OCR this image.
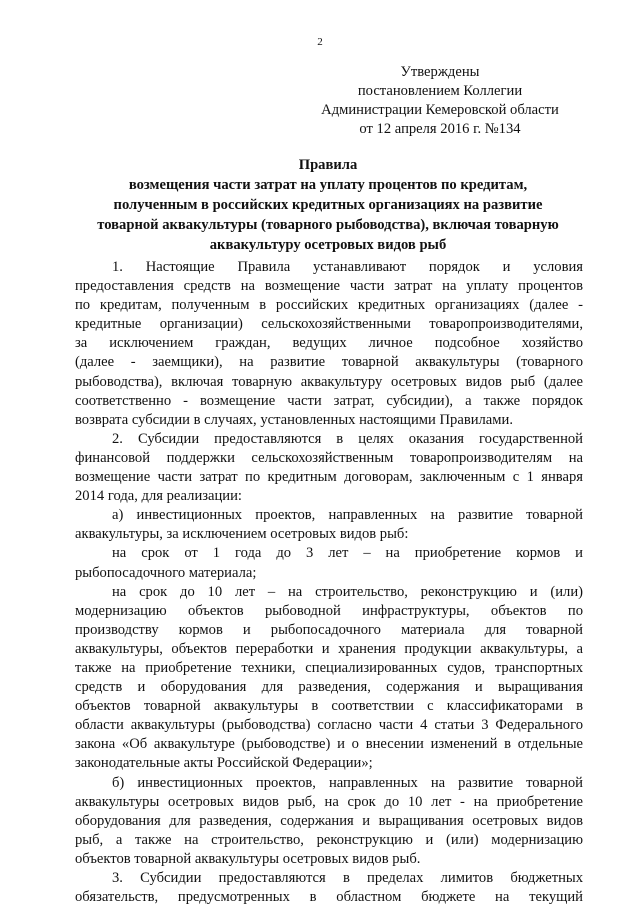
2
Утверждены
постановлением Коллегии
Администрации Кемеровской области
от 12 апреля 2016 г. №134
Правила
возмещения части затрат на уплату процентов по кредитам,
полученным в российских кредитных организациях на развитие
товарной аквакультуры (товарного рыбоводства), включая товарную
аквакультуру осетровых видов рыб
1. Настоящие Правила устанавливают порядок и условия
предоставления средств на возмещение части затрат на уплату процентов
по кредитам, полученным в российских кредитных организациях (далее -
кредитные организации) сельскохозяйственными товаропроизводителями,
за исключением граждан, ведущих личное подсобное хозяйство
(далее - заемщики), на развитие товарной аквакультуры (товарного
рыбоводства), включая товарную аквакультуру осетровых видов рыб (далее
соответственно - возмещение части затрат, субсидии), а также порядок
возврата субсидии в случаях, установленных настоящими Правилами.
2. Субсидии предоставляются в целях оказания государственной
финансовой поддержки сельскохозяйственным товаропроизводителям на
возмещение части затрат по кредитным договорам, заключенным с 1 января
2014 года, для реализации:
а) инвестиционных проектов, направленных на развитие товарной
аквакультуры, за исключением осетровых видов рыб:
на срок от 1 года до 3 лет – на приобретение кормов и
рыбопосадочного материала;
на срок до 10 лет – на строительство, реконструкцию и (или)
модернизацию объектов рыбоводной инфраструктуры, объектов по
производству кормов и рыбопосадочного материала для товарной
аквакультуры, объектов переработки и хранения продукции аквакультуры, а
также на приобретение техники, специализированных судов, транспортных
средств и оборудования для разведения, содержания и выращивания
объектов товарной аквакультуры в соответствии с классификаторами в
области аквакультуры (рыбоводства) согласно части 4 статьи 3 Федерального
закона «Об аквакультуре (рыбоводстве) и о внесении изменений в отдельные
законодательные акты Российской Федерации»;
б) инвестиционных проектов, направленных на развитие товарной
аквакультуры осетровых видов рыб, на срок до 10 лет - на приобретение
оборудования для разведения, содержания и выращивания осетровых видов
рыб, а также на строительство, реконструкцию и (или) модернизацию
объектов товарной аквакультуры осетровых видов рыб.
3. Субсидии предоставляются в пределах лимитов бюджетных
обязательств, предусмотренных в областном бюджете на текущий
